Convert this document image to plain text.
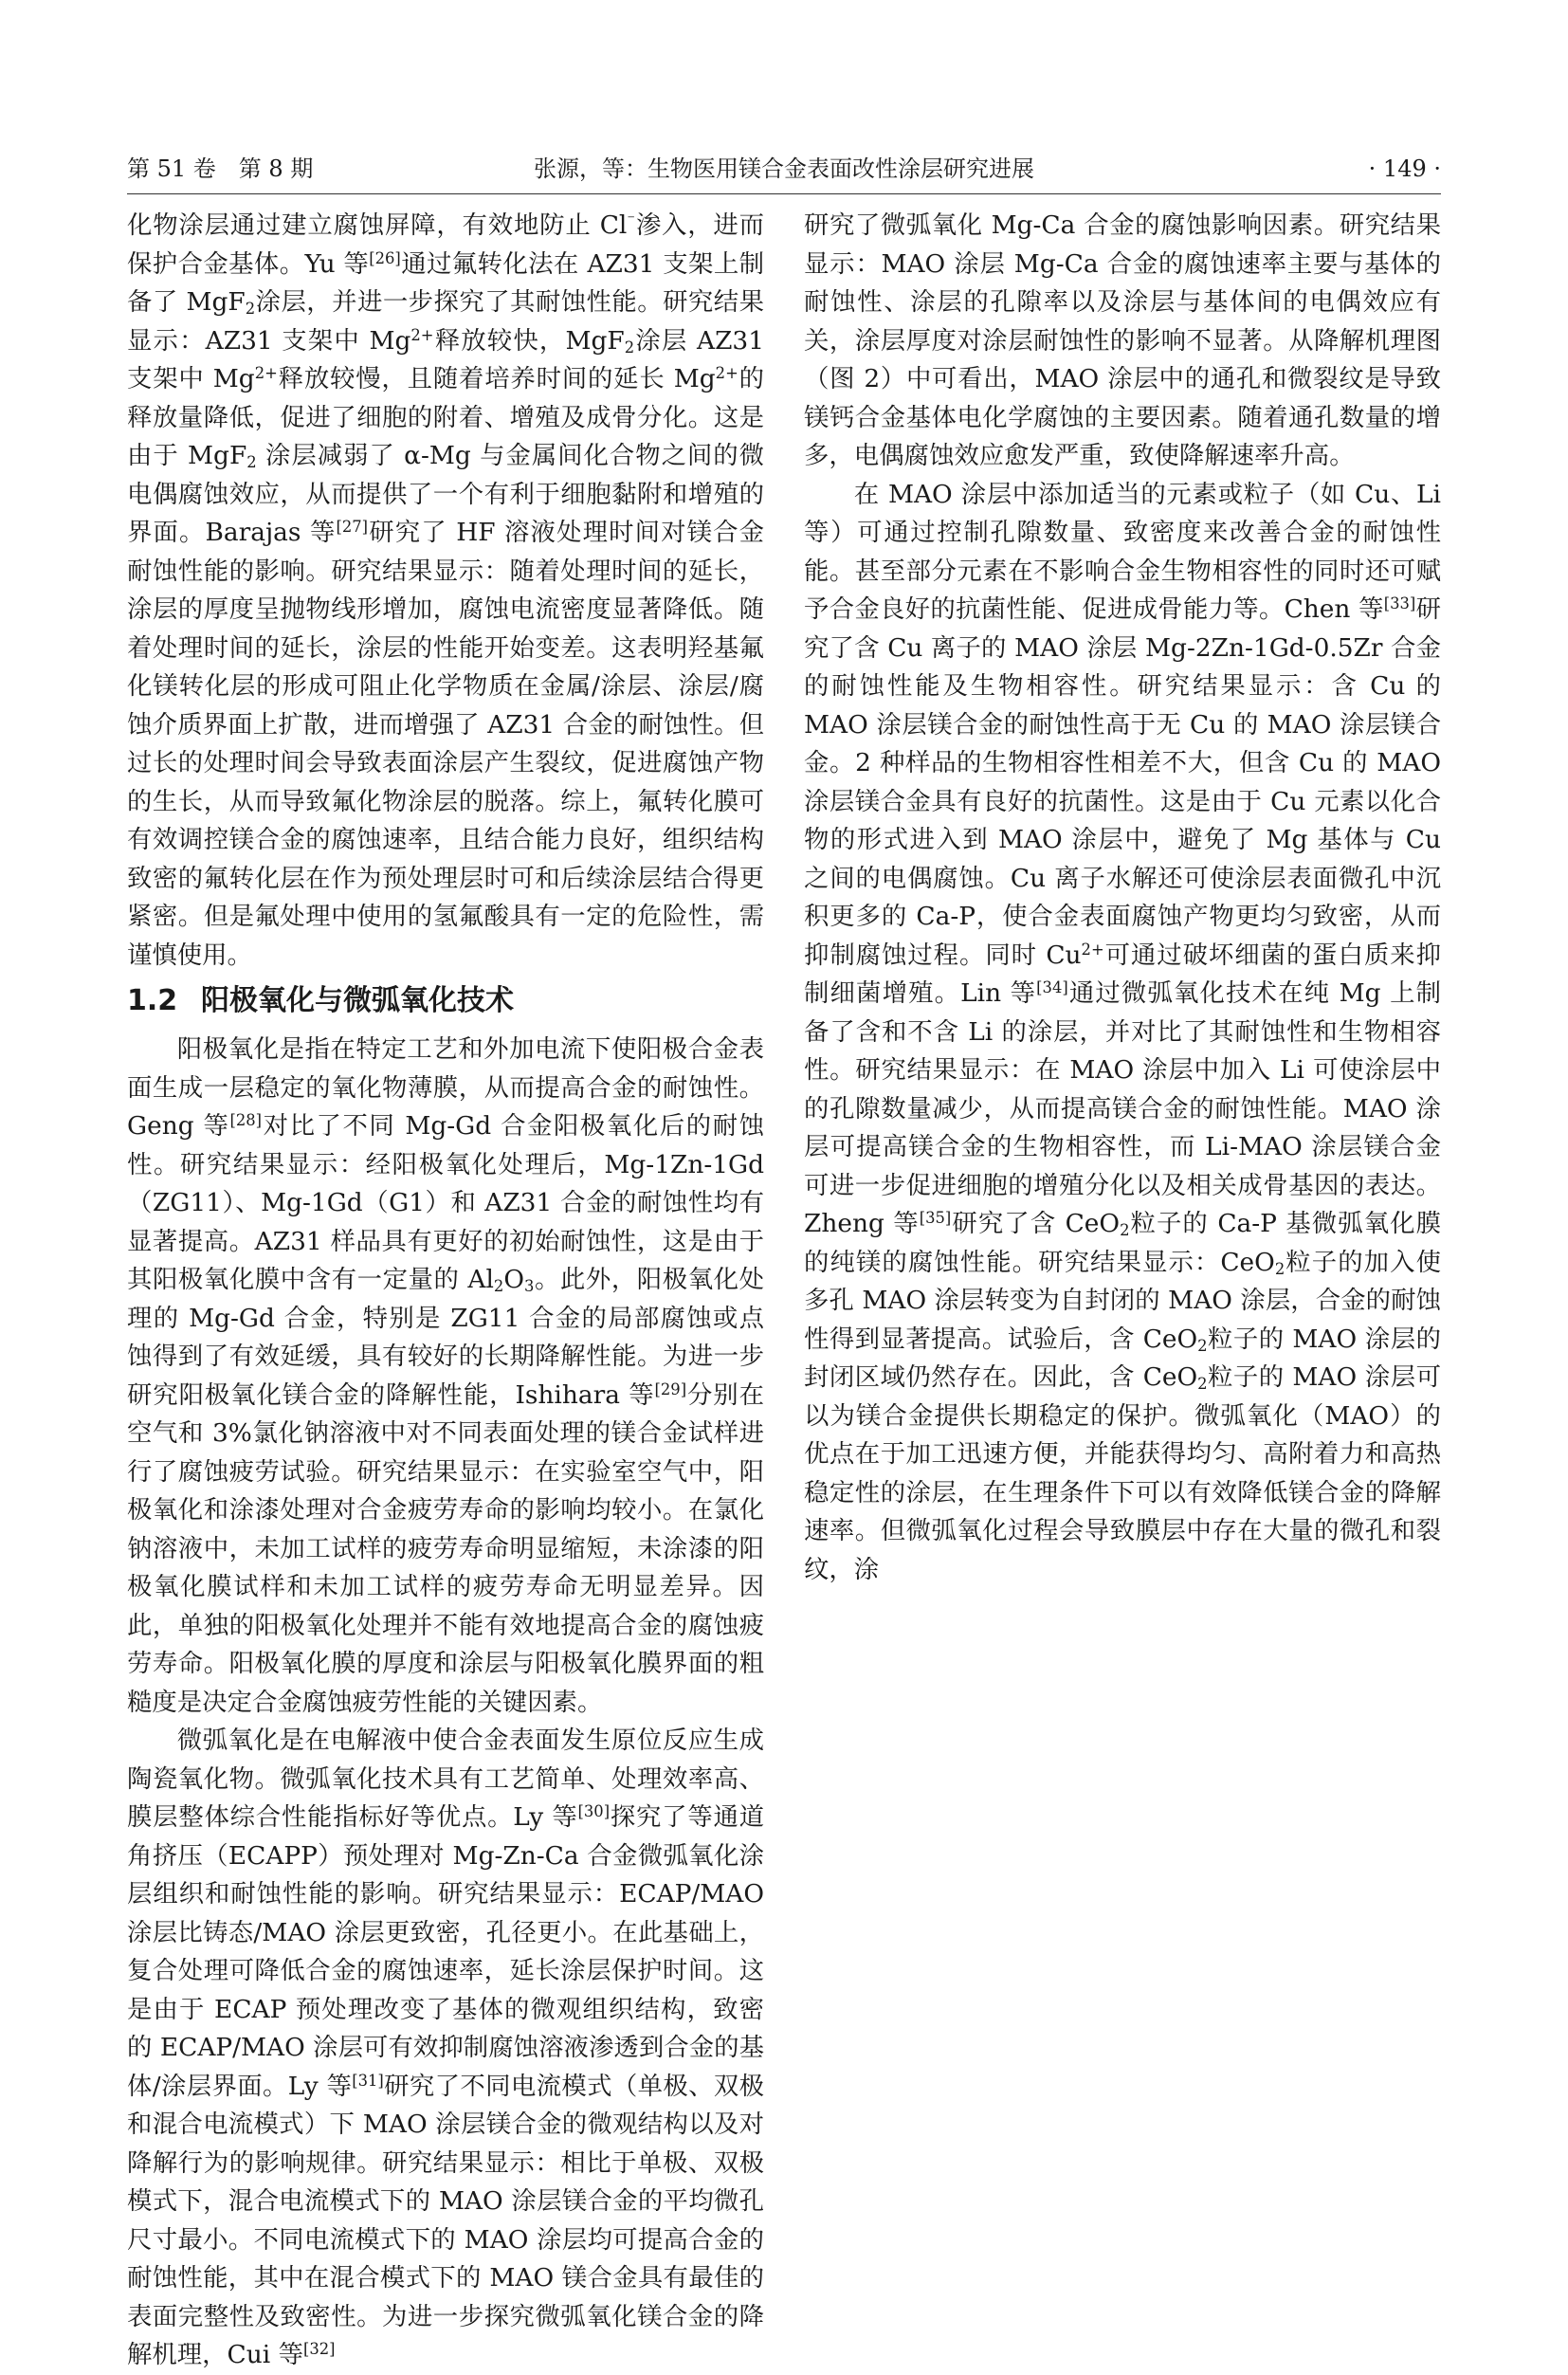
第 51 卷　第 8 期	张源，等：生物医用镁合金表面改性涂层研究进展	· 149 ·

化物涂层通过建立腐蚀屏障，有效地防止 Cl⁻渗入，进而保护合金基体。Yu 等[26]通过氟转化法在 AZ31 支架上制备了 MgF$_2$涂层，并进一步探究了其耐蚀性能。研究结果显示：AZ31 支架中 $Mg^{2+}$释放较快，MgF$_2$涂层 AZ31 支架中 $Mg^{2+}$释放较慢，且随着培养时间的延长 $Mg^{2+}$的释放量降低，促进了细胞的附着、增殖及成骨分化。这是由于 MgF$_2$ 涂层减弱了 α-Mg 与金属间化合物之间的微电偶腐蚀效应，从而提供了一个有利于细胞黏附和增殖的界面。Barajas 等[27]研究了 HF 溶液处理时间对镁合金耐蚀性能的影响。研究结果显示：随着处理时间的延长，涂层的厚度呈抛物线形增加，腐蚀电流密度显著降低。随着处理时间的延长，涂层的性能开始变差。这表明羟基氟化镁转化层的形成可阻止化学物质在金属/涂层、涂层/腐蚀介质界面上扩散，进而增强了 AZ31 合金的耐蚀性。但过长的处理时间会导致表面涂层产生裂纹，促进腐蚀产物的生长，从而导致氟化物涂层的脱落。综上，氟转化膜可有效调控镁合金的腐蚀速率，且结合能力良好，组织结构致密的氟转化层在作为预处理层时可和后续涂层结合得更紧密。但是氟处理中使用的氢氟酸具有一定的危险性，需谨慎使用。

1.2 阳极氧化与微弧氧化技术

阳极氧化是指在特定工艺和外加电流下使阳极合金表面生成一层稳定的氧化物薄膜，从而提高合金的耐蚀性。Geng 等[28]对比了不同 Mg-Gd 合金阳极氧化后的耐蚀性。研究结果显示：经阳极氧化处理后，Mg-1Zn-1Gd（ZG11）、Mg-1Gd（G1）和 AZ31 合金的耐蚀性均有显著提高。AZ31 样品具有更好的初始耐蚀性，这是由于其阳极氧化膜中含有一定量的 $Al_2O_3$。此外，阳极氧化处理的 Mg-Gd 合金，特别是 ZG11 合金的局部腐蚀或点蚀得到了有效延缓，具有较好的长期降解性能。为进一步研究阳极氧化镁合金的降解性能，Ishihara 等[29]分别在空气和 3%氯化钠溶液中对不同表面处理的镁合金试样进行了腐蚀疲劳试验。研究结果显示：在实验室空气中，阳极氧化和涂漆处理对合金疲劳寿命的影响均较小。在氯化钠溶液中，未加工试样的疲劳寿命明显缩短，未涂漆的阳极氧化膜试样和未加工试样的疲劳寿命无明显差异。因此，单独的阳极氧化处理并不能有效地提高合金的腐蚀疲劳寿命。阳极氧化膜的厚度和涂层与阳极氧化膜界面的粗糙度是决定合金腐蚀疲劳性能的关键因素。

微弧氧化是在电解液中使合金表面发生原位反应生成陶瓷氧化物。微弧氧化技术具有工艺简单、处理效率高、膜层整体综合性能指标好等优点。Ly 等[30]探究了等通道角挤压（ECAPP）预处理对 Mg-Zn-Ca 合金微弧氧化涂层组织和耐蚀性能的影响。研究结果显示：ECAP/MAO 涂层比铸态/MAO 涂层更致密，孔径更小。在此基础上，复合处理可降低合金的腐蚀速率，延长涂层保护时间。这是由于 ECAP 预处理改变了基体的微观组织结构，致密的 ECAP/MAO 涂层可有效抑制腐蚀溶液渗透到合金的基体/涂层界面。Ly 等[31]研究了不同电流模式（单极、双极和混合电流模式）下 MAO 涂层镁合金的微观结构以及对降解行为的影响规律。研究结果显示：相比于单极、双极模式下，混合电流模式下的 MAO 涂层镁合金的平均微孔尺寸最小。不同电流模式下的 MAO 涂层均可提高合金的耐蚀性能，其中在混合模式下的 MAO 镁合金具有最佳的表面完整性及致密性。为进一步探究微弧氧化镁合金的降解机理，Cui 等[32]

研究了微弧氧化 Mg-Ca 合金的腐蚀影响因素。研究结果显示：MAO 涂层 Mg-Ca 合金的腐蚀速率主要与基体的耐蚀性、涂层的孔隙率以及涂层与基体间的电偶效应有关，涂层厚度对涂层耐蚀性的影响不显著。从降解机理图（图 2）中可看出，MAO 涂层中的通孔和微裂纹是导致镁钙合金基体电化学腐蚀的主要因素。随着通孔数量的增多，电偶腐蚀效应愈发严重，致使降解速率升高。

在 MAO 涂层中添加适当的元素或粒子（如 Cu、Li 等）可通过控制孔隙数量、致密度来改善合金的耐蚀性能。甚至部分元素在不影响合金生物相容性的同时还可赋予合金良好的抗菌性能、促进成骨能力等。Chen 等[33]研究了含 Cu 离子的 MAO 涂层 Mg-2Zn-1Gd-0.5Zr 合金的耐蚀性能及生物相容性。研究结果显示：含 Cu 的 MAO 涂层镁合金的耐蚀性高于无 Cu 的 MAO 涂层镁合金。2 种样品的生物相容性相差不大，但含 Cu 的 MAO 涂层镁合金具有良好的抗菌性。这是由于 Cu 元素以化合物的形式进入到 MAO 涂层中，避免了 Mg 基体与 Cu 之间的电偶腐蚀。Cu 离子水解还可使涂层表面微孔中沉积更多的 Ca-P，使合金表面腐蚀产物更均匀致密，从而抑制腐蚀过程。同时 $Cu^{2+}$可通过破坏细菌的蛋白质来抑制细菌增殖。Lin 等[34]通过微弧氧化技术在纯 Mg 上制备了含和不含 Li 的涂层，并对比了其耐蚀性和生物相容性。研究结果显示：在 MAO 涂层中加入 Li 可使涂层中的孔隙数量减少，从而提高镁合金的耐蚀性能。MAO 涂层可提高镁合金的生物相容性，而 Li-MAO 涂层镁合金可进一步促进细胞的增殖分化以及相关成骨基因的表达。Zheng 等[35]研究了含 CeO$_2$粒子的 Ca-P 基微弧氧化膜的纯镁的腐蚀性能。研究结果显示：CeO$_2$粒子的加入使多孔 MAO 涂层转变为自封闭的 MAO 涂层，合金的耐蚀性得到显著提高。试验后，含 CeO$_2$粒子的 MAO 涂层的封闭区域仍然存在。因此，含 CeO$_2$粒子的 MAO 涂层可以为镁合金提供长期稳定的保护。微弧氧化（MAO）的优点在于加工迅速方便，并能获得均匀、高附着力和高热稳定性的涂层，在生理条件下可以有效降低镁合金的降解速率。但微弧氧化过程会导致膜层中存在大量的微孔和裂纹，涂
